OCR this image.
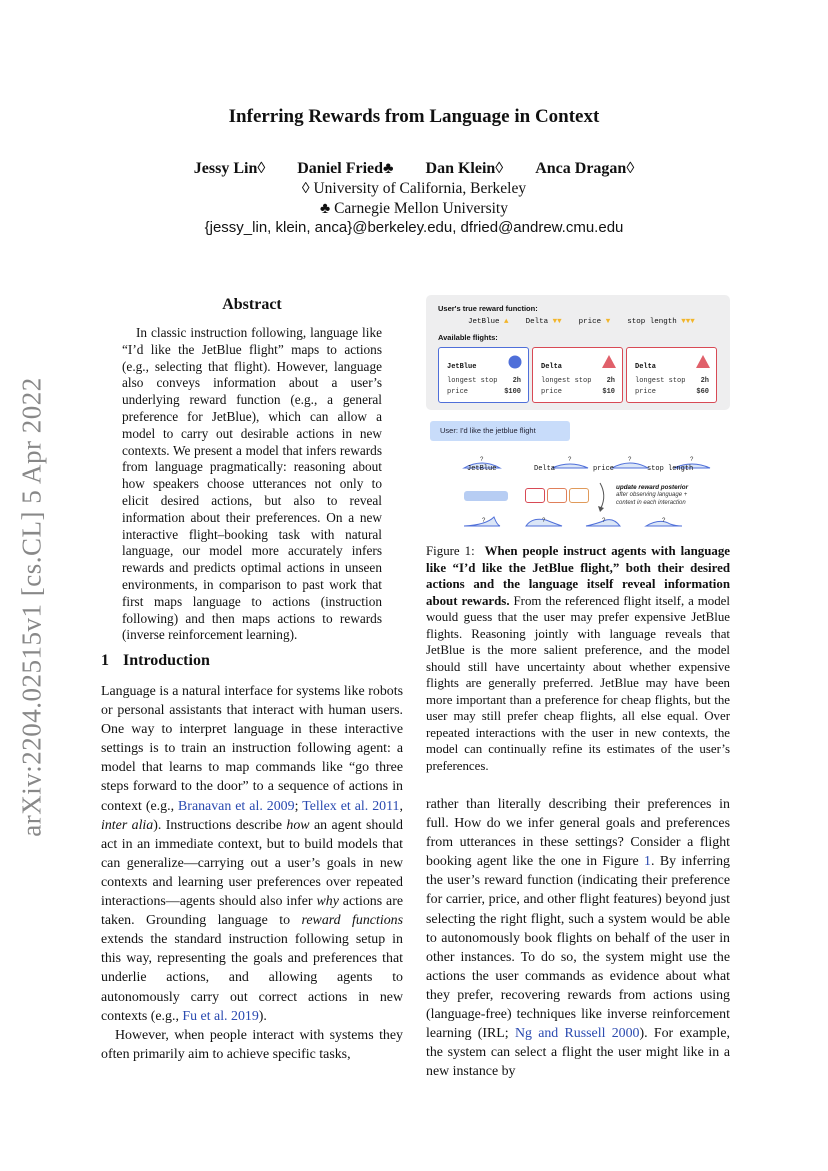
arXiv:2204.02515v1 [cs.CL] 5 Apr 2022
Inferring Rewards from Language in Context
Jessy Lin◊ Daniel Fried♣ Dan Klein◊ Anca Dragan◊
◊ University of California, Berkeley
♣ Carnegie Mellon University
{jessy_lin, klein, anca}@berkeley.edu, dfried@andrew.cmu.edu
Abstract

In classic instruction following, language like “I’d like the JetBlue flight” maps to actions (e.g., selecting that flight). However, language also conveys information about a user’s underlying reward function (e.g., a general preference for JetBlue), which can allow a model to carry out desirable actions in new contexts. We present a model that infers rewards from language pragmatically: reasoning about how speakers choose utterances not only to elicit desired actions, but also to reveal information about their preferences. On a new interactive flight–booking task with natural language, our model more accurately infers rewards and predicts optimal actions in unseen environments, in comparison to past work that first maps language to actions (instruction following) and then maps actions to rewards (inverse reinforcement learning).

1 Introduction

Language is a natural interface for systems like robots or personal assistants that interact with human users. One way to interpret language in these interactive settings is to train an instruction following agent: a model that learns to map commands like “go three steps forward to the door” to a sequence of actions in context (e.g., Branavan et al. 2009; Tellex et al. 2011, inter alia). Instructions describe how an agent should act in an immediate context, but to build models that can generalize—carrying out a user’s goals in new contexts and learning user preferences over repeated interactions—agents should also infer why actions are taken. Grounding language to reward functions extends the standard instruction following setup in this way, representing the goals and preferences that underlie actions, and allowing agents to autonomously carry out correct actions in new contexts (e.g., Fu et al. 2019).

However, when people interact with systems they often primarily aim to achieve specific tasks,

User's true reward function:
JetBlue ▲ Delta ▼▼ price ▼ stop length ▼▼▼
Available flights:
JetBlue
longest stop 2h
price	$100
Delta
longest stop 2h
price	$10
Delta
longest stop 2h
price	$60
User: I'd like the jetblue flight
?	?	?	?
JetBlue	Delta	price	stop length
update reward posterior
after observing language +
context in each interaction
?	?	?	?

Figure 1: When people instruct agents with language like “I’d like the JetBlue flight,” both their desired actions and the language itself reveal information about rewards. From the referenced flight itself, a model would guess that the user may prefer expensive JetBlue flights. Reasoning jointly with language reveals that JetBlue is the more salient preference, and the model should still have uncertainty about whether expensive flights are generally preferred. JetBlue may have been more important than a preference for cheap flights, but the user may still prefer cheap flights, all else equal. Over repeated interactions with the user in new contexts, the model can continually refine its estimates of the user’s preferences.

rather than literally describing their preferences in full. How do we infer general goals and preferences from utterances in these settings? Consider a flight booking agent like the one in Figure 1. By inferring the user’s reward function (indicating their preference for carrier, price, and other flight features) beyond just selecting the right flight, such a system would be able to autonomously book flights on behalf of the user in other instances. To do so, the system might use the actions the user commands as evidence about what they prefer, recovering rewards from actions using (language-free) techniques like inverse reinforcement learning (IRL; Ng and Russell 2000). For example, the system can select a flight the user might like in a new instance by
